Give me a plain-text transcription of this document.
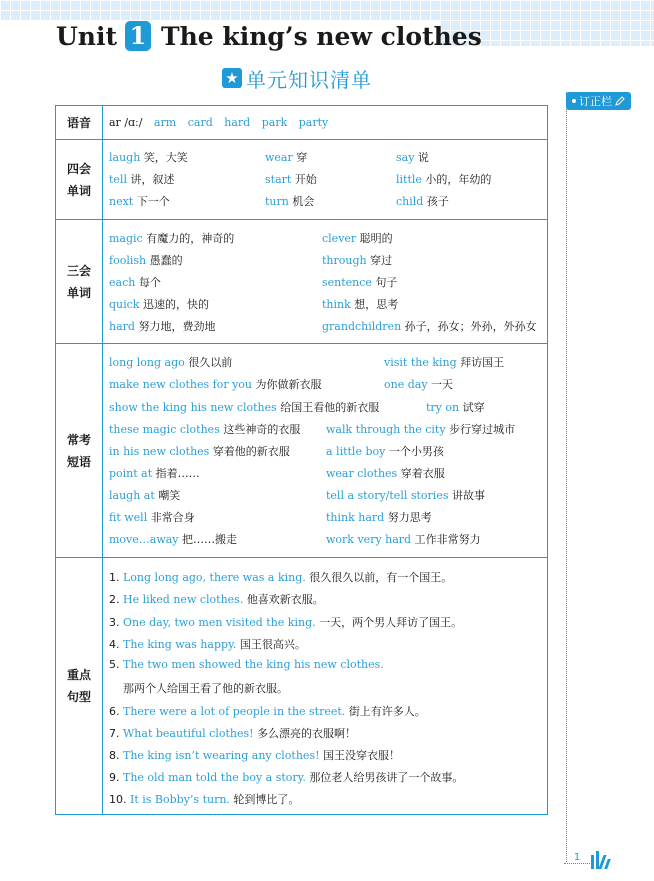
Unit 1 The king’s new clothes
★ 单元知识清单
订正栏
语音 ar /ɑː/ arm card hard park party
四会单词
laugh 笑，大笑	wear 穿	say 说
tell 讲，叙述	start 开始	little 小的，年幼的
next 下一个	turn 机会	child 孩子
三会单词
magic 有魔力的，神奇的	clever 聪明的
foolish 愚蠢的	through 穿过
each 每个	sentence 句子
quick 迅速的，快的	think 想，思考
hard 努力地，费劲地	grandchildren 孙子，孙女；外孙，外孙女
常考短语
long long ago 很久以前	visit the king 拜访国王
make new clothes for you 为你做新衣服	one day 一天
show the king his new clothes 给国王看他的新衣服	try on 试穿
these magic clothes 这些神奇的衣服 walk through the city 步行穿过城市
in his new clothes 穿着他的新衣服	a little boy 一个小男孩
point at 指着……	wear clothes 穿着衣服
laugh at 嘲笑	tell a story/tell stories 讲故事
fit well 非常合身	think hard 努力思考
move…away 把……搬走	work very hard 工作非常努力
重点句型
1. Long long ago, there was a king. 很久很久以前，有一个国王。
2. He liked new clothes. 他喜欢新衣服。
3. One day, two men visited the king. 一天，两个男人拜访了国王。
4. The king was happy. 国王很高兴。
5. The two men showed the king his new clothes.
那两个人给国王看了他的新衣服。
6. There were a lot of people in the street. 街上有许多人。
7. What beautiful clothes! 多么漂亮的衣服啊！
8. The king isn’t wearing any clothes! 国王没穿衣服！
9. The old man told the boy a story. 那位老人给男孩讲了一个故事。
10. It is Bobby’s turn. 轮到博比了。
1
